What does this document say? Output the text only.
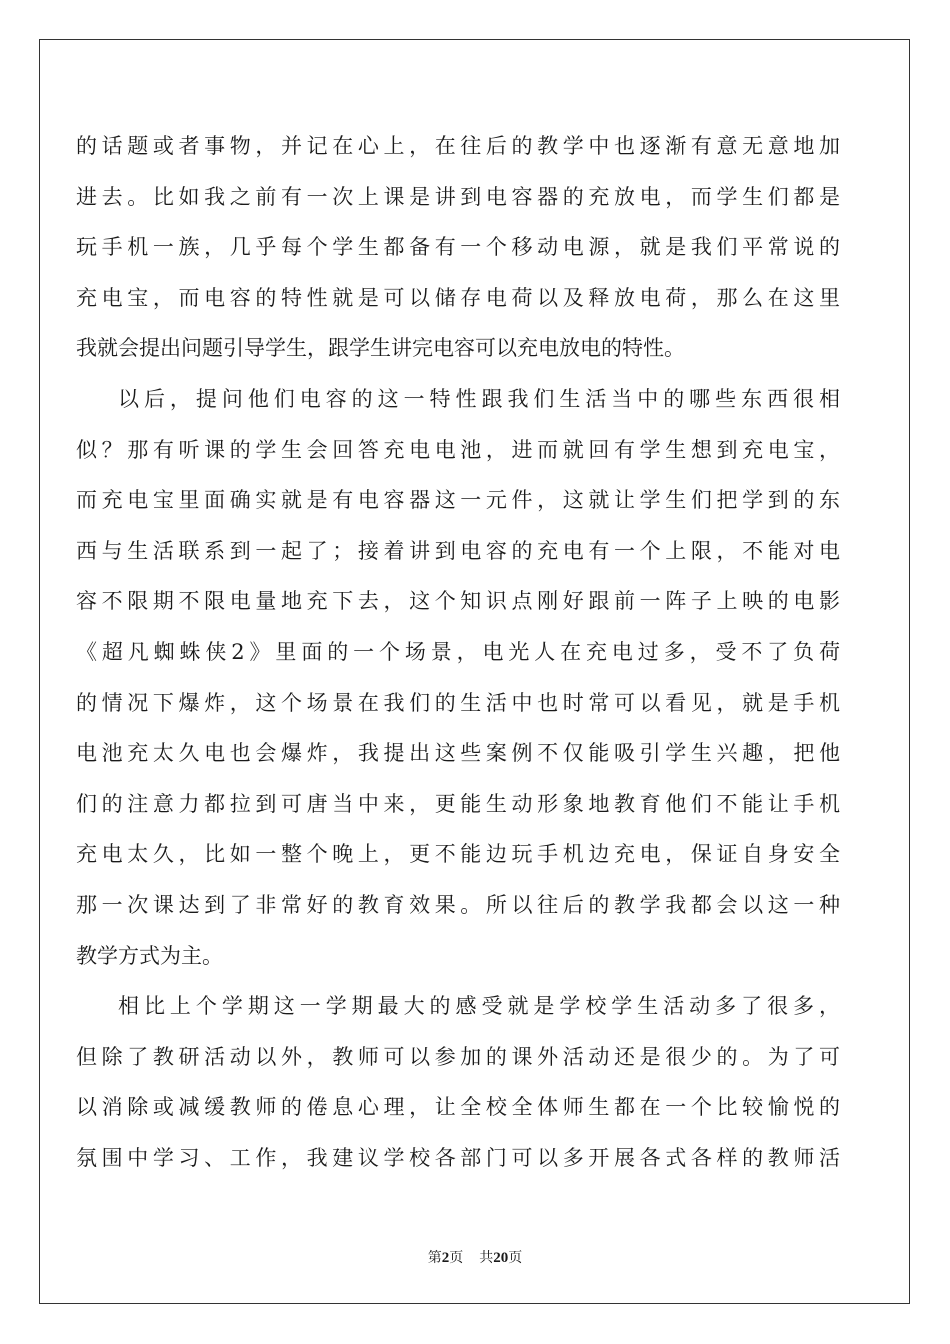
的话题或者事物，并记在心上，在往后的教学中也逐渐有意无意地加
进去。比如我之前有一次上课是讲到电容器的充放电，而学生们都是
玩手机一族，几乎每个学生都备有一个移动电源，就是我们平常说的
充电宝，而电容的特性就是可以储存电荷以及释放电荷，那么在这里
我就会提出问题引导学生，跟学生讲完电容可以充电放电的特性。
以后，提问他们电容的这一特性跟我们生活当中的哪些东西很相
似？那有听课的学生会回答充电电池，进而就回有学生想到充电宝，
而充电宝里面确实就是有电容器这一元件，这就让学生们把学到的东
西与生活联系到一起了；接着讲到电容的充电有一个上限，不能对电
容不限期不限电量地充下去，这个知识点刚好跟前一阵子上映的电影
《超凡蜘蛛侠2》里面的一个场景，电光人在充电过多，受不了负荷
的情况下爆炸，这个场景在我们的生活中也时常可以看见，就是手机
电池充太久电也会爆炸，我提出这些案例不仅能吸引学生兴趣，把他
们的注意力都拉到可唐当中来，更能生动形象地教育他们不能让手机
充电太久，比如一整个晚上，更不能边玩手机边充电，保证自身安全
那一次课达到了非常好的教育效果。所以往后的教学我都会以这一种
教学方式为主。
相比上个学期这一学期最大的感受就是学校学生活动多了很多，
但除了教研活动以外，教师可以参加的课外活动还是很少的。为了可
以消除或减缓教师的倦息心理，让全校全体师生都在一个比较愉悦的
氛围中学习、工作，我建议学校各部门可以多开展各式各样的教师活
第2页 共20页
